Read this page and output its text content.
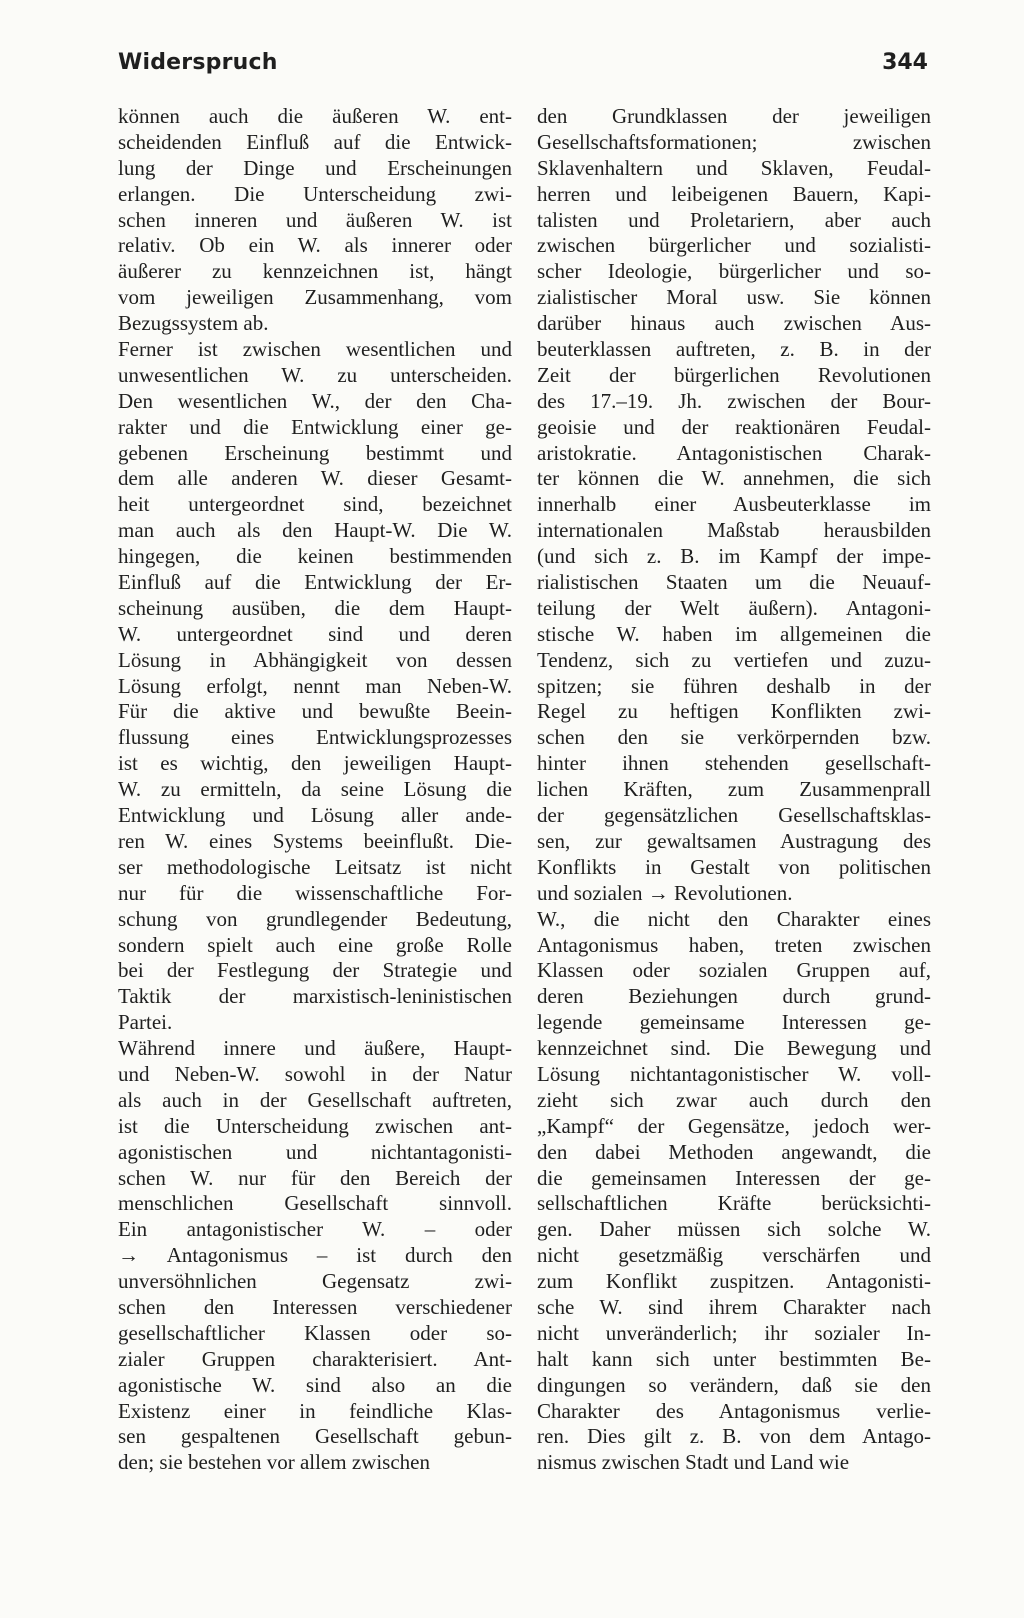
Widerspruch	344
können auch die äußeren W. ent-
scheidenden Einfluß auf die Entwick-
lung der Dinge und Erscheinungen
erlangen. Die Unterscheidung zwi-
schen inneren und äußeren W. ist
relativ. Ob ein W. als innerer oder
äußerer zu kennzeichnen ist, hängt
vom jeweiligen Zusammenhang, vom
Bezugssystem ab.
Ferner ist zwischen wesentlichen und
unwesentlichen W. zu unterscheiden.
Den wesentlichen W., der den Cha-
rakter und die Entwicklung einer ge-
gebenen Erscheinung bestimmt und
dem alle anderen W. dieser Gesamt-
heit untergeordnet sind, bezeichnet
man auch als den Haupt-W. Die W.
hingegen, die keinen bestimmenden
Einfluß auf die Entwicklung der Er-
scheinung ausüben, die dem Haupt-
W. untergeordnet sind und deren
Lösung in Abhängigkeit von dessen
Lösung erfolgt, nennt man Neben-W.
Für die aktive und bewußte Beein-
flussung eines Entwicklungsprozesses
ist es wichtig, den jeweiligen Haupt-
W. zu ermitteln, da seine Lösung die
Entwicklung und Lösung aller ande-
ren W. eines Systems beeinflußt. Die-
ser methodologische Leitsatz ist nicht
nur für die wissenschaftliche For-
schung von grundlegender Bedeutung,
sondern spielt auch eine große Rolle
bei der Festlegung der Strategie und
Taktik der marxistisch-leninistischen
Partei.
Während innere und äußere, Haupt-
und Neben-W. sowohl in der Natur
als auch in der Gesellschaft auftreten,
ist die Unterscheidung zwischen ant-
agonistischen und nichtantagonisti-
schen W. nur für den Bereich der
menschlichen Gesellschaft sinnvoll.
Ein antagonistischer W. – oder
→ Antagonismus – ist durch den
unversöhnlichen Gegensatz zwi-
schen den Interessen verschiedener
gesellschaftlicher Klassen oder so-
zialer Gruppen charakterisiert. Ant-
agonistische W. sind also an die
Existenz einer in feindliche Klas-
sen gespaltenen Gesellschaft gebun-
den; sie bestehen vor allem zwischen
den Grundklassen der jeweiligen
Gesellschaftsformationen; zwischen
Sklavenhaltern und Sklaven, Feudal-
herren und leibeigenen Bauern, Kapi-
talisten und Proletariern, aber auch
zwischen bürgerlicher und sozialisti-
scher Ideologie, bürgerlicher und so-
zialistischer Moral usw. Sie können
darüber hinaus auch zwischen Aus-
beuterklassen auftreten, z. B. in der
Zeit der bürgerlichen Revolutionen
des 17.–19. Jh. zwischen der Bour-
geoisie und der reaktionären Feudal-
aristokratie. Antagonistischen Charak-
ter können die W. annehmen, die sich
innerhalb einer Ausbeuterklasse im
internationalen Maßstab herausbilden
(und sich z. B. im Kampf der impe-
rialistischen Staaten um die Neuauf-
teilung der Welt äußern). Antagoni-
stische W. haben im allgemeinen die
Tendenz, sich zu vertiefen und zuzu-
spitzen; sie führen deshalb in der
Regel zu heftigen Konflikten zwi-
schen den sie verkörpernden bzw.
hinter ihnen stehenden gesellschaft-
lichen Kräften, zum Zusammenprall
der gegensätzlichen Gesellschaftsklas-
sen, zur gewaltsamen Austragung des
Konflikts in Gestalt von politischen
und sozialen → Revolutionen.
W., die nicht den Charakter eines
Antagonismus haben, treten zwischen
Klassen oder sozialen Gruppen auf,
deren Beziehungen durch grund-
legende gemeinsame Interessen ge-
kennzeichnet sind. Die Bewegung und
Lösung nichtantagonistischer W. voll-
zieht sich zwar auch durch den
„Kampf“ der Gegensätze, jedoch wer-
den dabei Methoden angewandt, die
die gemeinsamen Interessen der ge-
sellschaftlichen Kräfte berücksichti-
gen. Daher müssen sich solche W.
nicht gesetzmäßig verschärfen und
zum Konflikt zuspitzen. Antagonisti-
sche W. sind ihrem Charakter nach
nicht unveränderlich; ihr sozialer In-
halt kann sich unter bestimmten Be-
dingungen so verändern, daß sie den
Charakter des Antagonismus verlie-
ren. Dies gilt z. B. von dem Antago-
nismus zwischen Stadt und Land wie
